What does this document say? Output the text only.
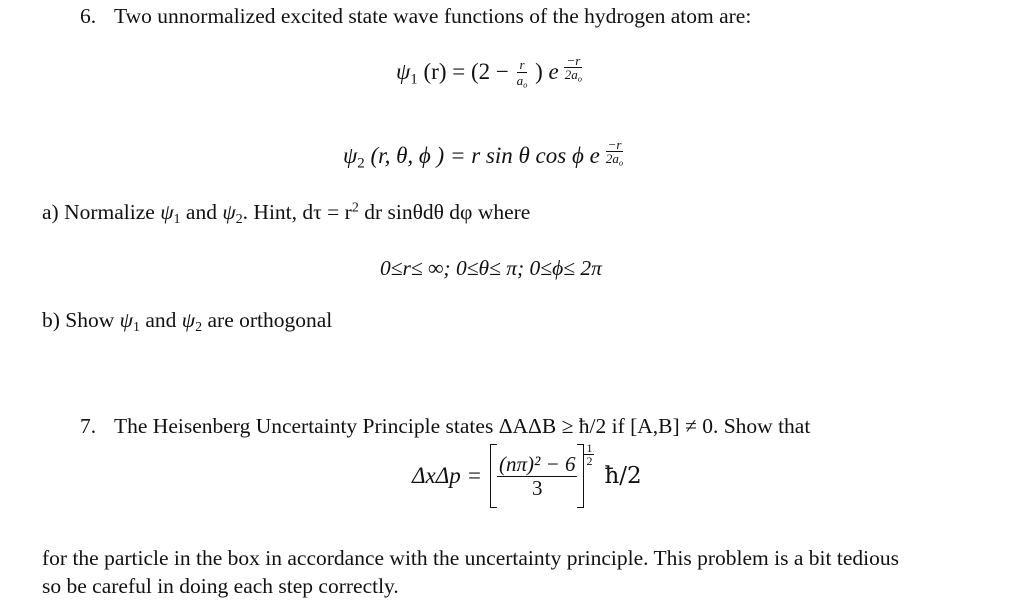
6. Two unnormalized excited state wave functions of the hydrogen atom are:
$\psi_1$ $(r) = (2 - \frac{r}{a_o}$ ) e $\frac{-r}{2a_o}$
$\psi_2$ (r, θ, ϕ ) = r sin θ cos ϕ e $\frac{-r}{2a_o}$
a) Normalize $\psi_1$ and $\psi_2$. Hint, $d\tau = r^2$ dr sinθdθ dφ where
0≤r≤ ∞; 0≤θ≤ π; 0≤ϕ≤ 2π
b) Show $\psi_1$ and $\psi_2$ are orthogonal
7. The Heisenberg Uncertainty Principle states ΔAΔB ≥ ħ/2 if [A,B] ≠ 0. Show that
$\Delta x\Delta p = \frac{\text{(nπ)² − 6}}{3} \frac{1}{2}$
ħ/2
for the particle in the box in accordance with the uncertainty principle. This problem is a bit tedious
so be careful in doing each step correctly.
